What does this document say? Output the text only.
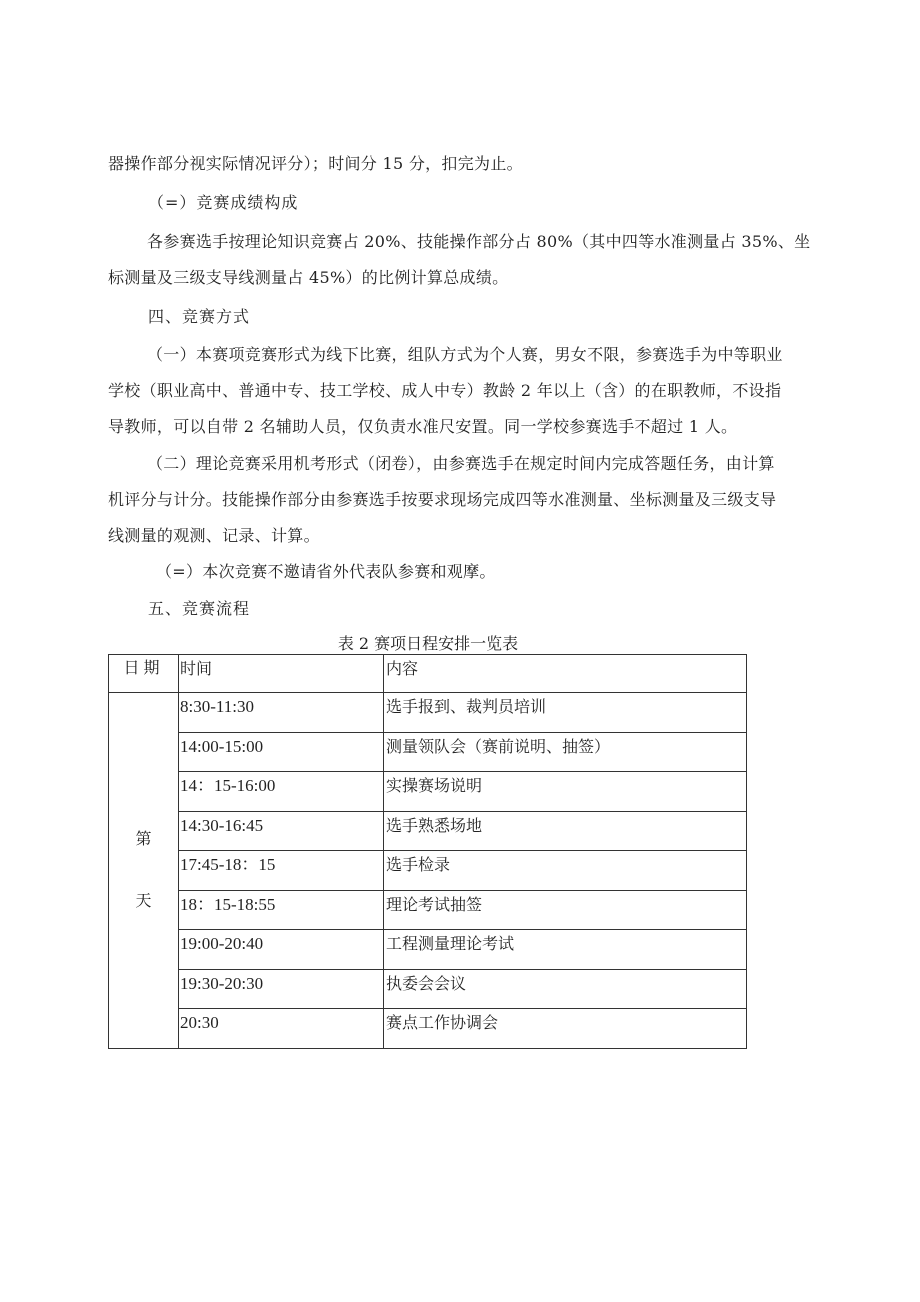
器操作部分视实际情况评分）；时间分 15 分，扣完为止。
（=）竞赛成绩构成
各参赛选手按理论知识竞赛占 20%、技能操作部分占 80%（其中四等水准测量占 35%、坐
标测量及三级支导线测量占 45%）的比例计算总成绩。
四、竞赛方式
（一）本赛项竞赛形式为线下比赛，组队方式为个人赛，男女不限，参赛选手为中等职业
学校（职业高中、普通中专、技工学校、成人中专）教龄 2 年以上（含）的在职教师，不设指
导教师，可以自带 2 名辅助人员，仅负责水准尺安置。同一学校参赛选手不超过 1 人。
（二）理论竞赛采用机考形式（闭卷），由参赛选手在规定时间内完成答题任务，由计算
机评分与计分。技能操作部分由参赛选手按要求现场完成四等水准测量、坐标测量及三级支导
线测量的观测、记录、计算。
（=）本次竞赛不邀请省外代表队参赛和观摩。
五、竞赛流程
表 2 赛项日程安排一览表
日期	时间	内容
第 天	8:30-11:30	选手报到、裁判员培训
	14:00-15:00	测量领队会（赛前说明、抽签）
	14：15-16:00	实操赛场说明
	14:30-16:45	选手熟悉场地
	17:45-18：15	选手检录
	18：15-18:55	理论考试抽签
	19:00-20:40	工程测量理论考试
	19:30-20:30	执委会会议
	20:30	赛点工作协调会
